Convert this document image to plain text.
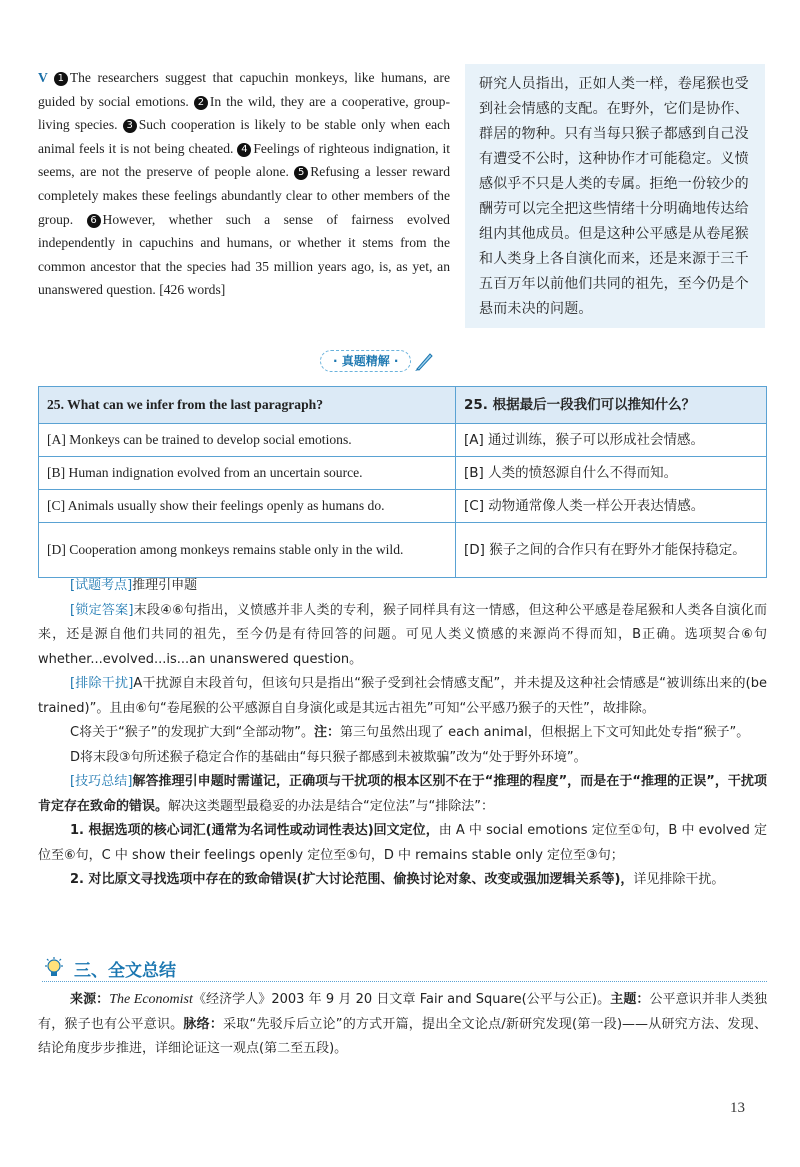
V 1 The researchers suggest that capuchin monkeys, like humans, are guided by social emotions. 2 In the wild, they are a cooperative, group-living species. 3 Such cooperation is likely to be stable only when each animal feels it is not being cheated. 4 Feelings of righteous indignation, it seems, are not the preserve of people alone. 5 Refusing a lesser reward completely makes these feelings abundantly clear to other members of the group. 6 However, whether such a sense of fairness evolved independently in capuchins and humans, or whether it stems from the common ancestor that the species had 35 million years ago, is, as yet, an unanswered question. [426 words]
研究人员指出，正如人类一样，卷尾猴也受到社会情感的支配。在野外，它们是协作、群居的物种。只有当每只猴子都感到自己没有遭受不公时，这种协作才可能稳定。义愤感似乎不只是人类的专属。拒绝一份较少的酬劳可以完全把这些情绪十分明确地传达给组内其他成员。但是这种公平感是从卷尾猴和人类身上各自演化而来，还是来源于三千五百万年以前他们共同的祖先，至今仍是个悬而未决的问题。
· 真题精解 ·
25. What can we infer from the last paragraph?	25. 根据最后一段我们可以推知什么？
[A] Monkeys can be trained to develop social emotions.	[A] 通过训练，猴子可以形成社会情感。
[B] Human indignation evolved from an uncertain source.	[B] 人类的愤怒源自什么不得而知。
[C] Animals usually show their feelings openly as humans do.	[C] 动物通常像人类一样公开表达情感。
[D] Cooperation among monkeys remains stable only in the wild.	[D] 猴子之间的合作只有在野外才能保持稳定。

[试题考点]推理引申题

[锁定答案]末段④⑥句指出，义愤感并非人类的专利，猴子同样具有这一情感，但这种公平感是卷尾猴和人类各自演化而来，还是源自他们共同的祖先，至今仍是有待回答的问题。可见人类义愤感的来源尚不得而知，B正确。选项契合⑥句 whether...evolved...is...an unanswered question。

[排除干扰]A干扰源自末段首句，但该句只是指出“猴子受到社会情感支配”，并未提及这种社会情感是“被训练出来的(be trained)”。且由⑥句“卷尾猴的公平感源自自身演化或是其远古祖先”可知“公平感乃猴子的天性”，故排除。

C将关于“猴子”的发现扩大到“全部动物”。注：第三句虽然出现了 each animal，但根据上下文可知此处专指“猴子”。

D将末段③句所述猴子稳定合作的基础由“每只猴子都感到未被欺骗”改为“处于野外环境”。

[技巧总结]解答推理引申题时需谨记，正确项与干扰项的根本区别不在于“推理的程度”，而是在于“推理的正误”，干扰项肯定存在致命的错误。解决这类题型最稳妥的办法是结合“定位法”与“排除法”：

1. 根据选项的核心词汇(通常为名词性或动词性表达)回文定位，由 A 中 social emotions 定位至①句，B 中 evolved 定位至⑥句，C 中 show their feelings openly 定位至⑤句，D 中 remains stable only 定位至③句；

2. 对比原文寻找选项中存在的致命错误(扩大讨论范围、偷换讨论对象、改变或强加逻辑关系等)，详见排除干扰。

三、全文总结
来源：The Economist《经济学人》2003 年 9 月 20 日文章 Fair and Square(公平与公正)。主题：公平意识并非人类独有，猴子也有公平意识。脉络：采取“先驳斥后立论”的方式开篇，提出全文论点/新研究发现(第一段)——从研究方法、发现、结论角度步步推进，详细论证这一观点(第二至五段)。
13
